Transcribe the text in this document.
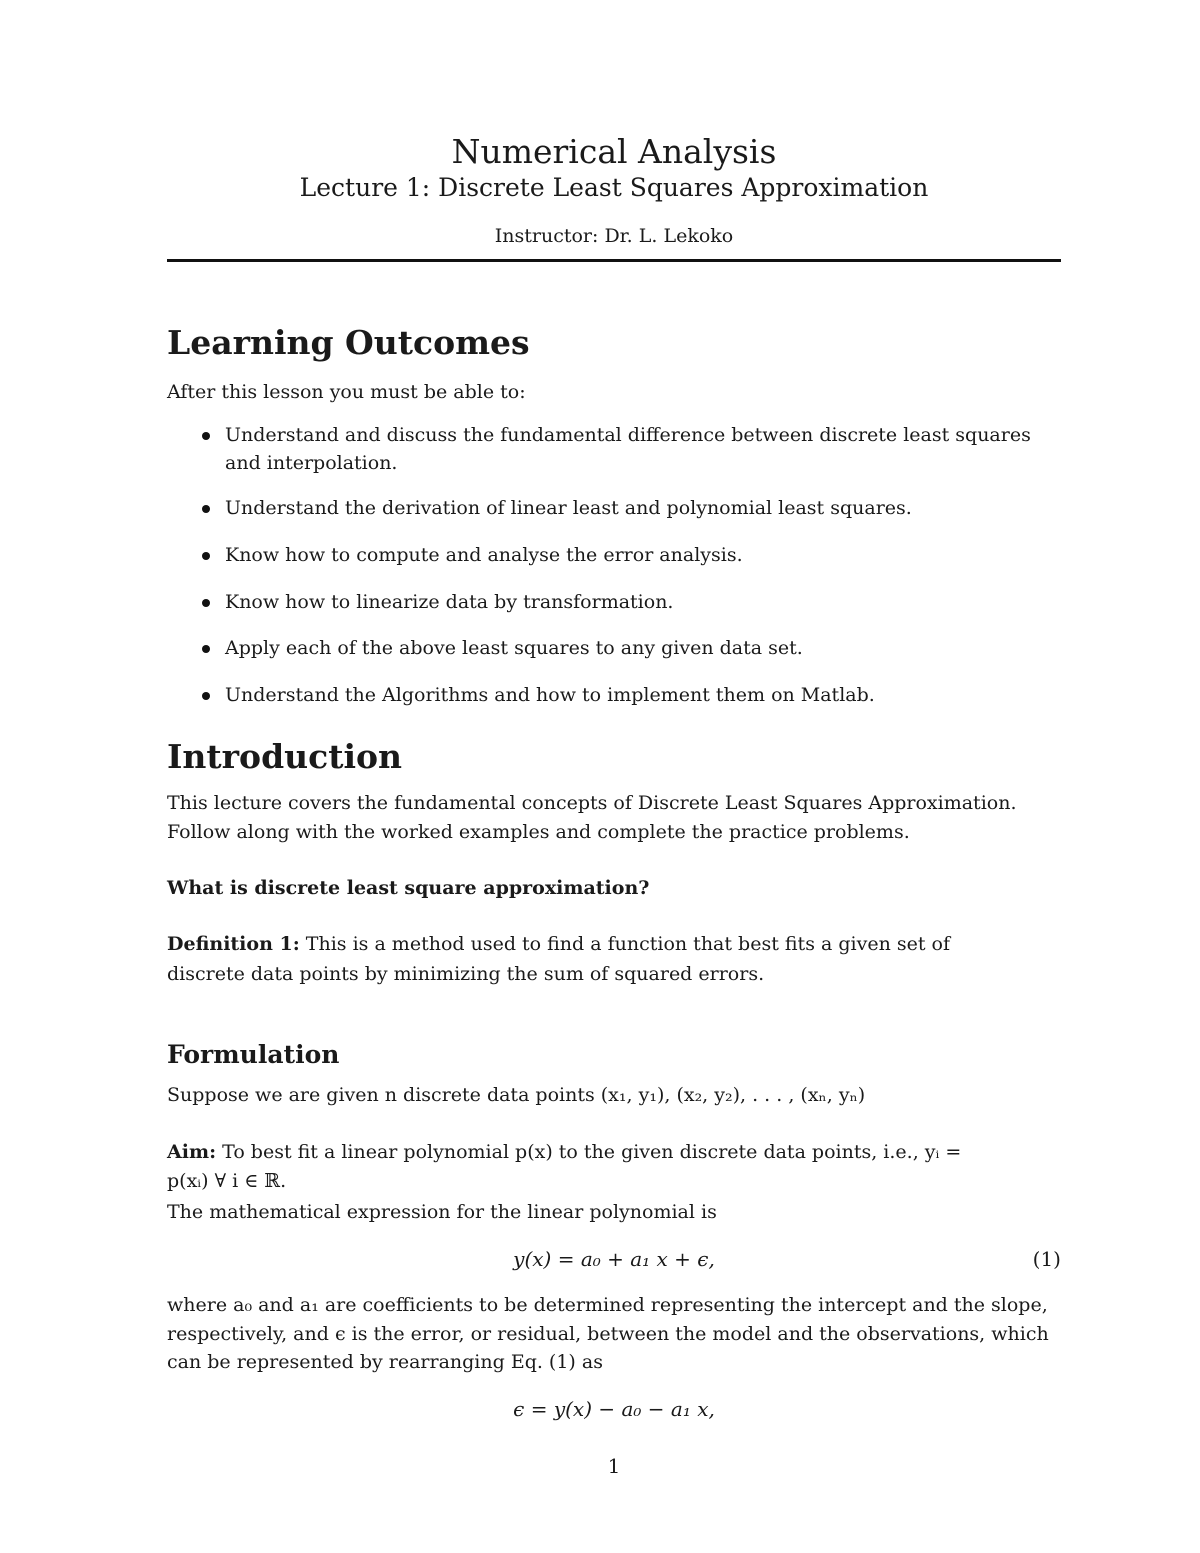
Numerical Analysis
Lecture 1: Discrete Least Squares Approximation
Instructor: Dr. L. Lekoko
Learning Outcomes
After this lesson you must be able to:
Understand and discuss the fundamental difference between discrete least squares and interpolation.
Understand the derivation of linear least and polynomial least squares.
Know how to compute and analyse the error analysis.
Know how to linearize data by transformation.
Apply each of the above least squares to any given data set.
Understand the Algorithms and how to implement them on Matlab.
Introduction
This lecture covers the fundamental concepts of Discrete Least Squares Approximation.
Follow along with the worked examples and complete the practice problems.
What is discrete least square approximation?
Definition 1: This is a method used to find a function that best fits a given set of
discrete data points by minimizing the sum of squared errors.
Formulation
Suppose we are given n discrete data points (x₁, y₁), (x₂, y₂), . . . , (xₙ, yₙ)
Aim: To best fit a linear polynomial p(x) to the given discrete data points, i.e., yᵢ =
p(xᵢ) ∀ i ∈ ℝ.
The mathematical expression for the linear polynomial is
y(x) = a₀ + a₁ x + ϵ,	(1)
where a₀ and a₁ are coefficients to be determined representing the intercept and the slope,
respectively, and ϵ is the error, or residual, between the model and the observations, which
can be represented by rearranging Eq. (1) as
ϵ = y(x) − a₀ − a₁ x,
1
